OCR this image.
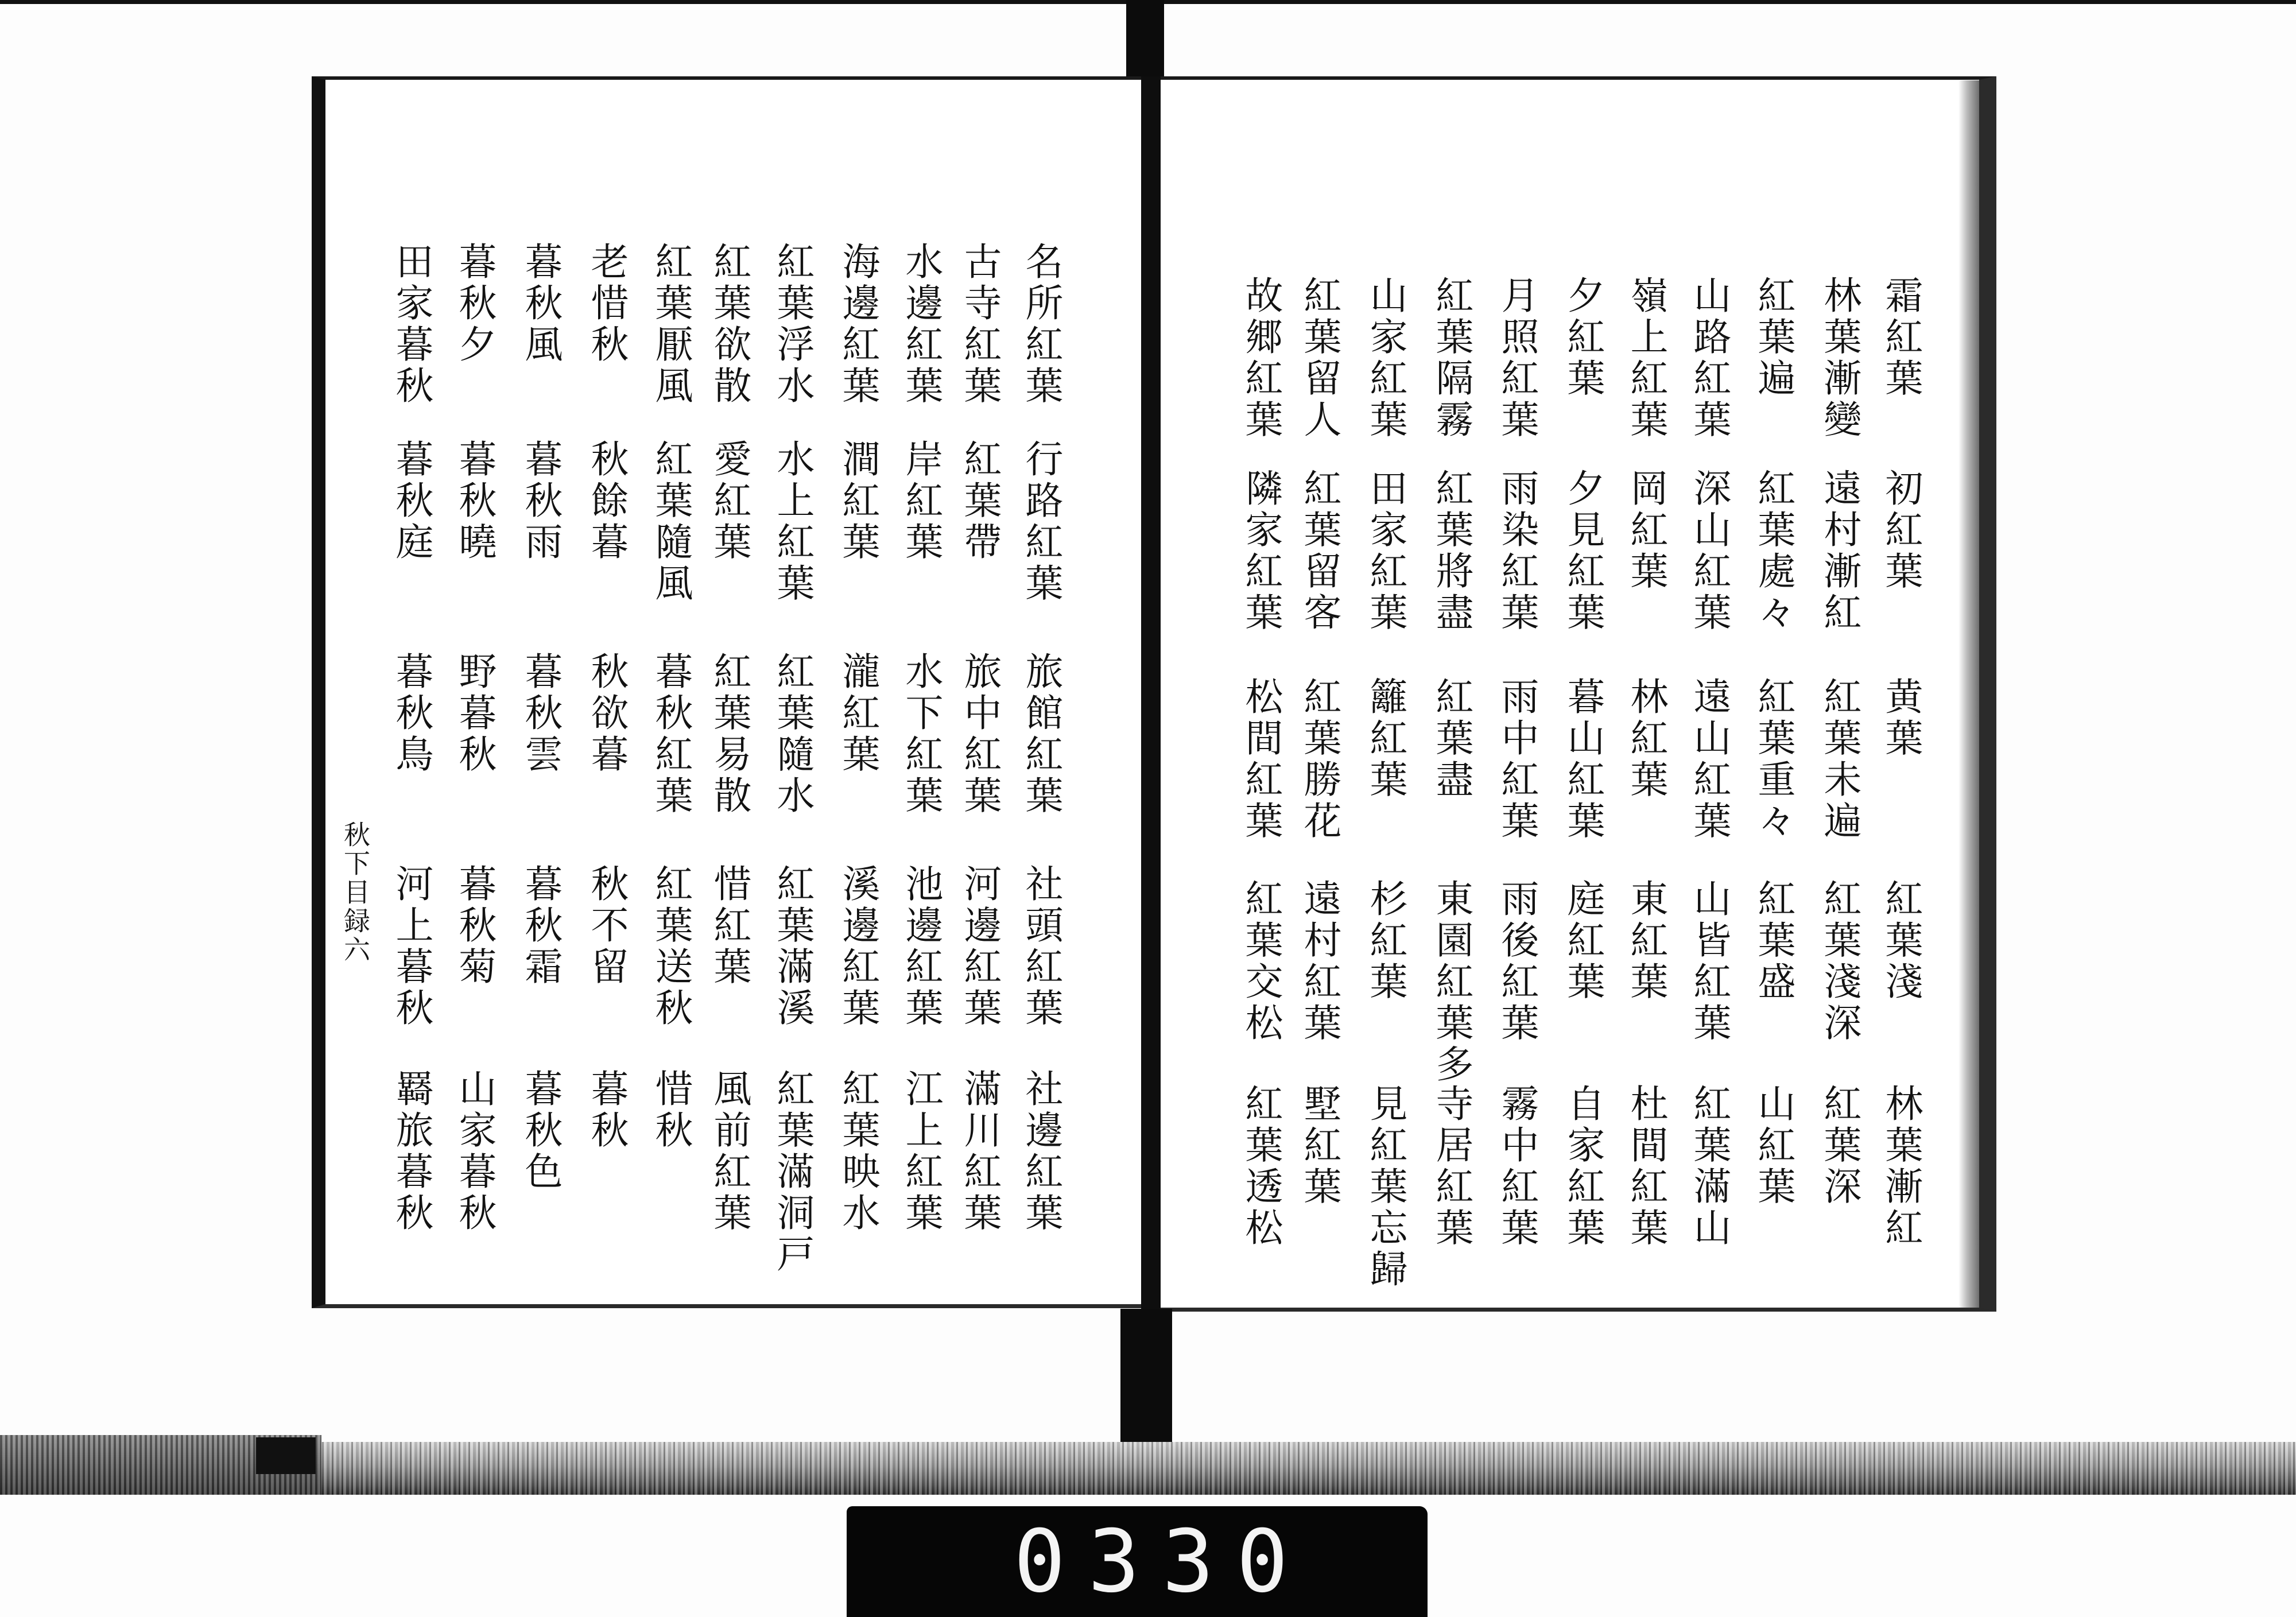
霜紅葉
初紅葉
黄葉
紅葉淺
林葉漸紅
林葉漸變
遠村漸紅
紅葉未遍
紅葉淺深
紅葉深
紅葉遍
紅葉處々
紅葉重々
紅葉盛
山紅葉
山路紅葉
深山紅葉
遠山紅葉
山皆紅葉
紅葉滿山
嶺上紅葉
岡紅葉
林紅葉
東紅葉
杜間紅葉
夕紅葉
夕見紅葉
暮山紅葉
庭紅葉
自家紅葉
月照紅葉
雨染紅葉
雨中紅葉
雨後紅葉
霧中紅葉
紅葉隔霧
紅葉將盡
紅葉盡
東園紅葉多
寺居紅葉
山家紅葉
田家紅葉
籬紅葉
杉紅葉
見紅葉忘歸
紅葉留人
紅葉留客
紅葉勝花
遠村紅葉
墅紅葉
故郷紅葉
隣家紅葉
松間紅葉
紅葉交松
紅葉透松
名所紅葉
行路紅葉
旅館紅葉
社頭紅葉
社邊紅葉
古寺紅葉
紅葉帶
旅中紅葉
河邊紅葉
滿川紅葉
水邊紅葉
岸紅葉
水下紅葉
池邊紅葉
江上紅葉
海邊紅葉
澗紅葉
瀧紅葉
溪邊紅葉
紅葉映水
紅葉浮水
水上紅葉
紅葉隨水
紅葉滿溪
紅葉滿洞戸
紅葉欲散
愛紅葉
紅葉易散
惜紅葉
風前紅葉
紅葉厭風
紅葉隨風
暮秋紅葉
紅葉送秋
惜秋
老惜秋
秋餘暮
秋欲暮
秋不留
暮秋
暮秋風
暮秋雨
暮秋雲
暮秋霜
暮秋色
暮秋夕
暮秋曉
野暮秋
暮秋菊
山家暮秋
田家暮秋
暮秋庭
暮秋鳥
河上暮秋
羇旅暮秋
秋下目録六
0330
